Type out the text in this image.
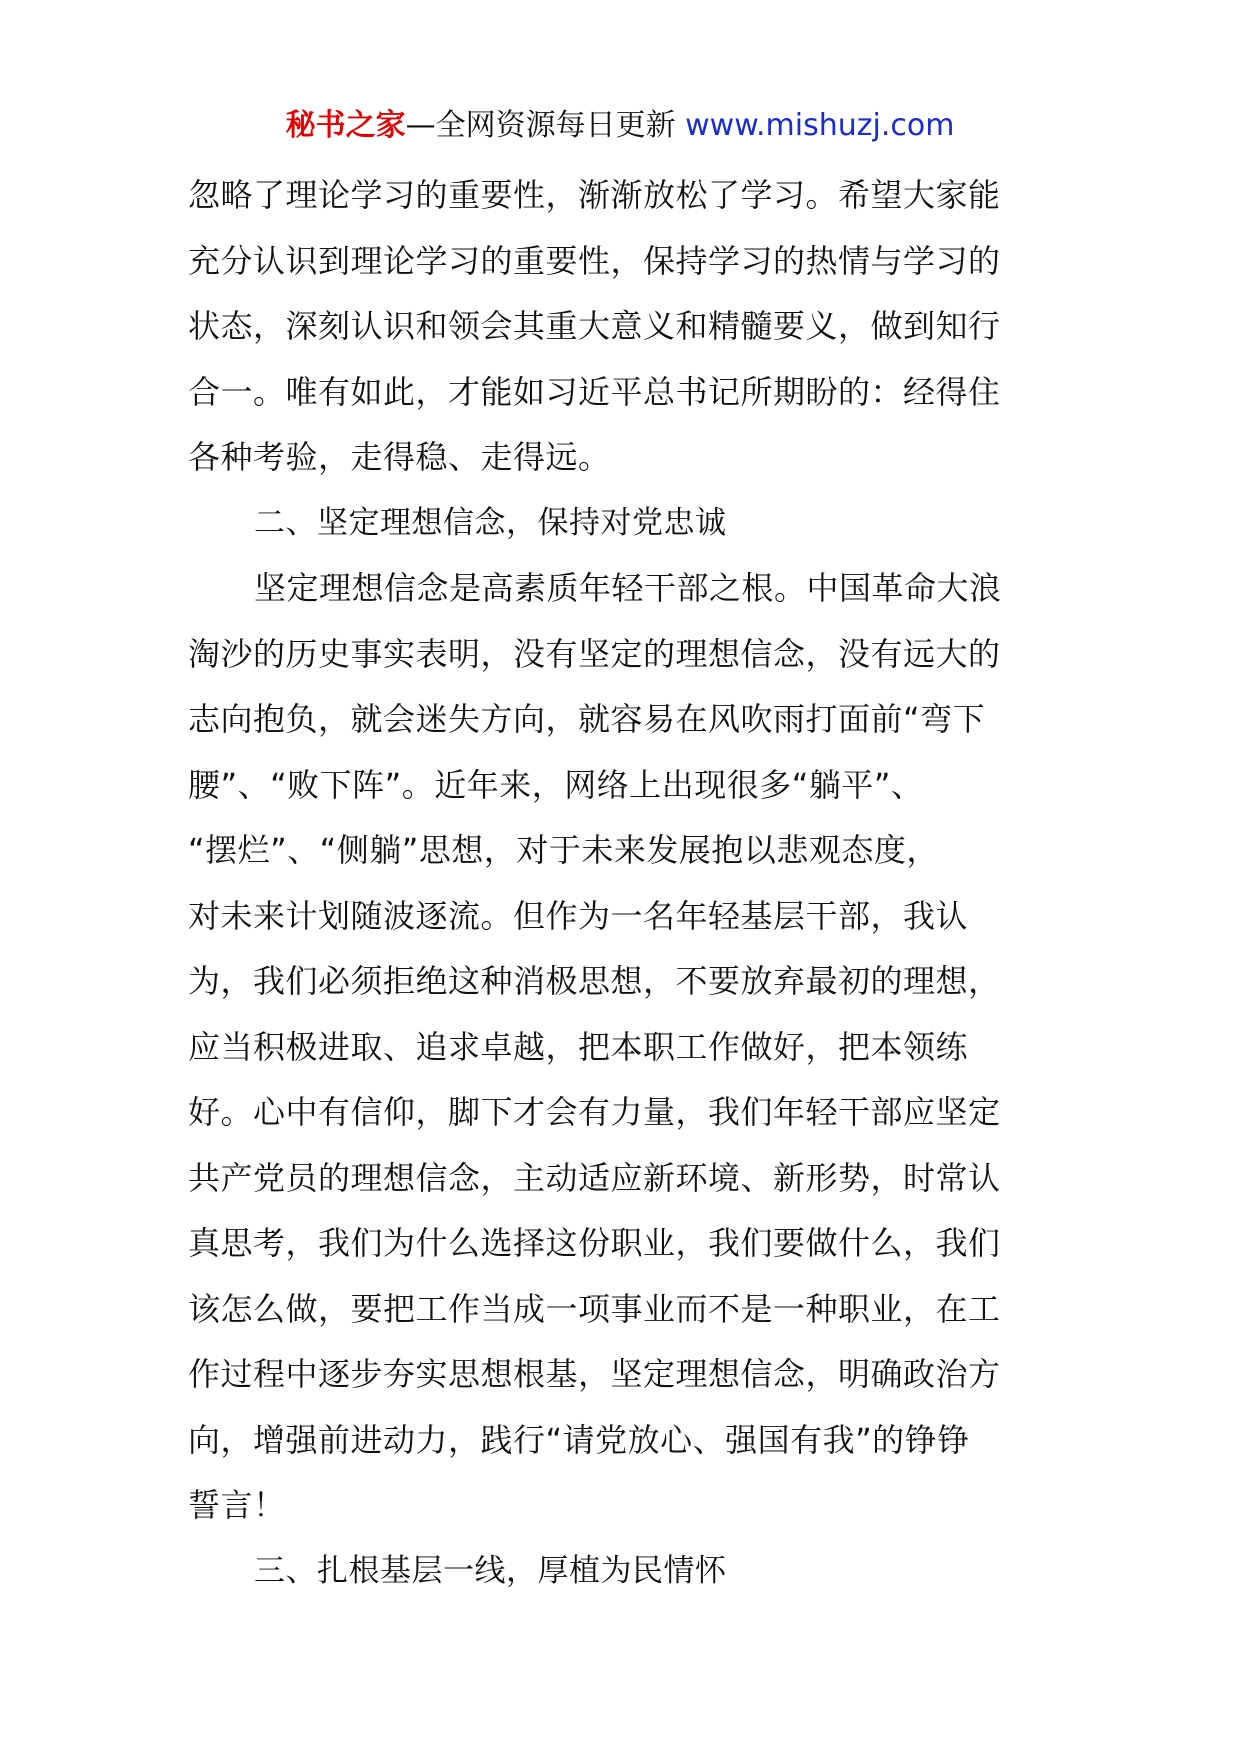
秘书之家—全网资源每日更新 www.mishuzj.com
忽略了理论学习的重要性，渐渐放松了学习。希望大家能
充分认识到理论学习的重要性，保持学习的热情与学习的
状态，深刻认识和领会其重大意义和精髓要义，做到知行
合一。唯有如此，才能如习近平总书记所期盼的：经得住
各种考验，走得稳、走得远。
二、坚定理想信念，保持对党忠诚
坚定理想信念是高素质年轻干部之根。中国革命大浪
淘沙的历史事实表明，没有坚定的理想信念，没有远大的
志向抱负，就会迷失方向，就容易在风吹雨打面前“弯下
腰”、“败下阵”。近年来，网络上出现很多“躺平”、
“摆烂”、“侧躺”思想，对于未来发展抱以悲观态度，
对未来计划随波逐流。但作为一名年轻基层干部，我认
为，我们必须拒绝这种消极思想，不要放弃最初的理想，
应当积极进取、追求卓越，把本职工作做好，把本领练
好。心中有信仰，脚下才会有力量，我们年轻干部应坚定
共产党员的理想信念，主动适应新环境、新形势，时常认
真思考，我们为什么选择这份职业，我们要做什么，我们
该怎么做，要把工作当成一项事业而不是一种职业，在工
作过程中逐步夯实思想根基，坚定理想信念，明确政治方
向，增强前进动力，践行“请党放心、强国有我”的铮铮
誓言！
三、扎根基层一线，厚植为民情怀
